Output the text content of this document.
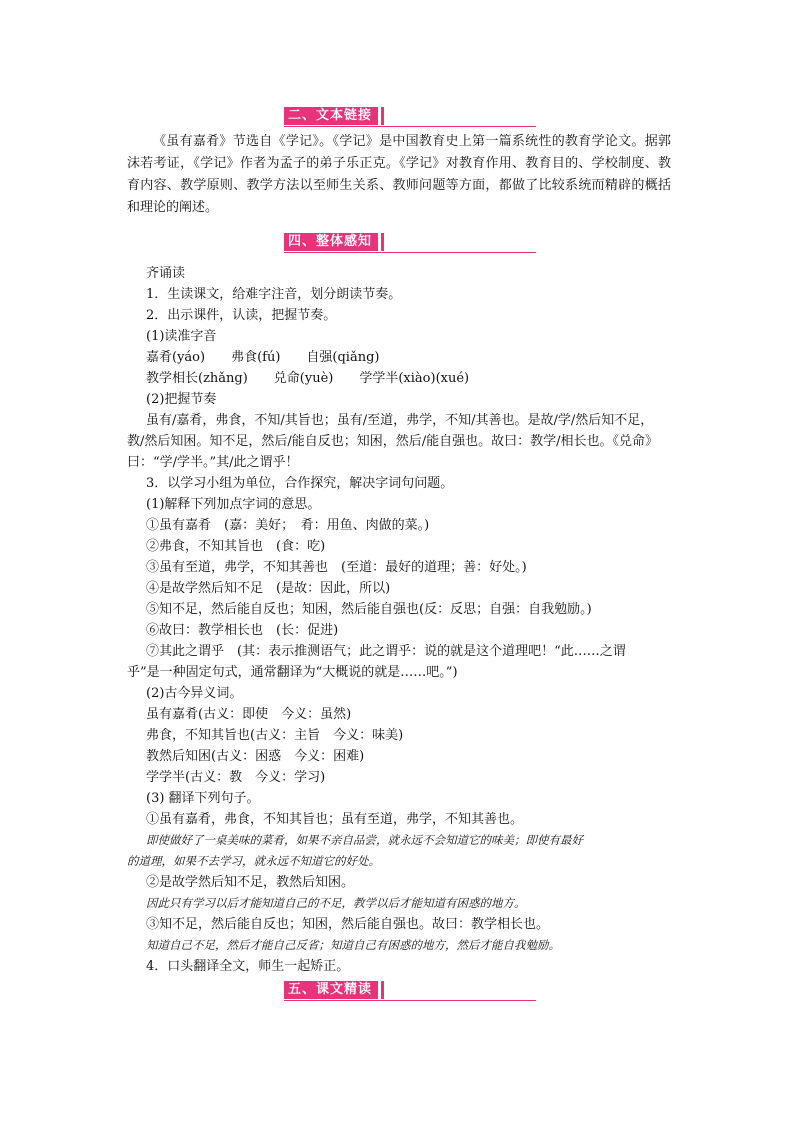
二、文本链接

《虽有嘉肴》节选自《学记》。《学记》是中国教育史上第一篇系统性的教育学论文。据郭沫若考证，《学记》作者为孟子的弟子乐正克。《学记》对教育作用、教育目的、学校制度、教育内容、教学原则、教学方法以至师生关系、教师问题等方面，都做了比较系统而精辟的概括和理论的阐述。

四、整体感知

齐诵读

1．生读课文，给难字注音，划分朗读节奏。

2．出示课件，认读，把握节奏。

(1)读准字音

嘉肴(yáo)　　弗食(fú)　　自强(qiǎng)

教学相长(zhǎng)　　兑命(yuè)　　学学半(xiào)(xué)

(2)把握节奏

虽有/嘉肴，弗食，不知/其旨也；虽有/至道，弗学，不知/其善也。是故/学/然后知不足，

教/然后知困。知不足，然后/能自反也；知困，然后/能自强也。故曰：教学/相长也。《兑命》

曰：“学/学半。”其/此之谓乎！

3．以学习小组为单位，合作探究，解决字词句问题。

(1)解释下列加点字词的意思。

①虽有嘉肴　(嘉：美好；　肴：用鱼、肉做的菜。)

②弗食，不知其旨也　(食：吃)

③虽有至道，弗学，不知其善也　(至道：最好的道理；善：好处。)

④是故学然后知不足　(是故：因此，所以)

⑤知不足，然后能自反也；知困，然后能自强也(反：反思；自强：自我勉励。)

⑥故曰：教学相长也　(长：促进)

⑦其此之谓乎　(其：表示推测语气；此之谓乎：说的就是这个道理吧！“此……之谓

乎”是一种固定句式，通常翻译为“大概说的就是……吧。”)

(2)古今异义词。

虽有嘉肴(古义：即使　今义：虽然)

弗食，不知其旨也(古义：主旨　今义：味美)

教然后知困(古义：困惑　今义：困难)

学学半(古义：教　今义：学习)

(3) 翻译下列句子。

①虽有嘉肴，弗食，不知其旨也；虽有至道，弗学，不知其善也。

即使做好了一桌美味的菜肴，如果不亲自品尝，就永远不会知道它的味美；即使有最好

的道理，如果不去学习，就永远不知道它的好处。

②是故学然后知不足，教然后知困。

因此只有学习以后才能知道自己的不足，教学以后才能知道有困惑的地方。

③知不足，然后能自反也；知困，然后能自强也。故曰：教学相长也。

知道自己不足，然后才能自己反省；知道自己有困惑的地方，然后才能自我勉励。

4．口头翻译全文，师生一起矫正。

五、课文精读
